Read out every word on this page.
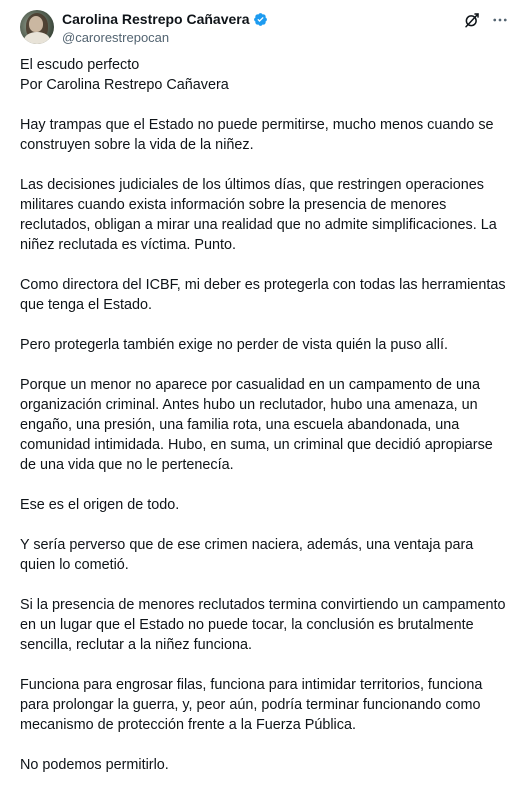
Carolina Restrepo Cañavera
@carorestrepocan

El escudo perfecto

Por Carolina Restrepo Cañavera

Hay trampas que el Estado no puede permitirse, mucho menos cuando se construyen sobre la vida de la niñez.

Las decisiones judiciales de los últimos días, que restringen operaciones militares cuando exista información sobre la presencia de menores reclutados, obligan a mirar una realidad que no admite simplificaciones. La niñez reclutada es víctima. Punto.

Como directora del ICBF, mi deber es protegerla con todas las herramientas que tenga el Estado.

Pero protegerla también exige no perder de vista quién la puso allí.

Porque un menor no aparece por casualidad en un campamento de una organización criminal. Antes hubo un reclutador, hubo una amenaza, un engaño, una presión, una familia rota, una escuela abandonada, una comunidad intimidada. Hubo, en suma, un criminal que decidió apropiarse de una vida que no le pertenecía.

Ese es el origen de todo.

Y sería perverso que de ese crimen naciera, además, una ventaja para quien lo cometió.

Si la presencia de menores reclutados termina convirtiendo un campamento en un lugar que el Estado no puede tocar, la conclusión es brutalmente sencilla, reclutar a la niñez funciona.

Funciona para engrosar filas, funciona para intimidar territorios, funciona para prolongar la guerra, y, peor aún, podría terminar funcionando como mecanismo de protección frente a la Fuerza Pública.

No podemos permitirlo.
